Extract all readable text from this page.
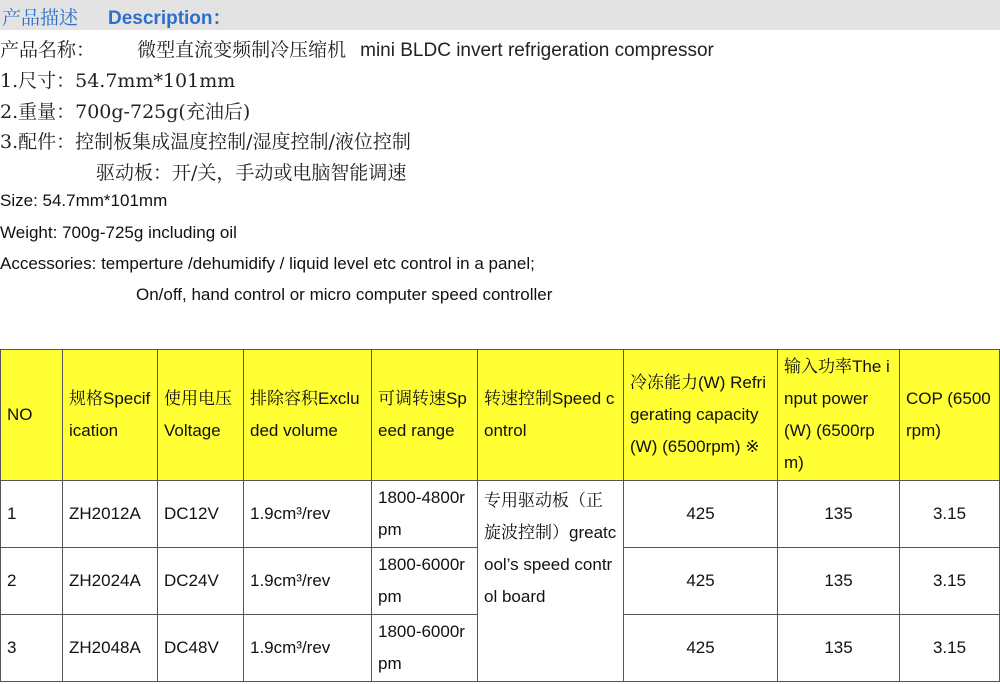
产品描述 Description：
产品名称： 微型直流变频制冷压缩机 mini BLDC invert refrigeration compressor
1.尺寸：54.7mm*101mm
2.重量：700g-725g(充油后)
3.配件：控制板集成温度控制/湿度控制/液位控制
驱动板：开/关，手动或电脑智能调速
Size: 54.7mm*101mm
Weight: 700g-725g including oil
Accessories: temperture /dehumidify / liquid level etc control in a panel;
On/off, hand control or micro computer speed controller
NO	规格Specification	使用电压Voltage	排除容积Excluded volume	可调转速Speed range	转速控制Speed control	冷冻能力(W) Refrigerating capacity (W) (6500rpm) ※	输入功率The input power(W) (6500rpm)	COP (6500rpm)
1	ZH2012A	DC12V	1.9cm³/rev	1800-4800rpm	专用驱动板（正旋波控制）greatcool’s speed control board	425	135	3.15
2	ZH2024A	DC24V	1.9cm³/rev	1800-6000rpm		425	135	3.15
3	ZH2048A	DC48V	1.9cm³/rev	1800-6000rpm		425	135	3.15
